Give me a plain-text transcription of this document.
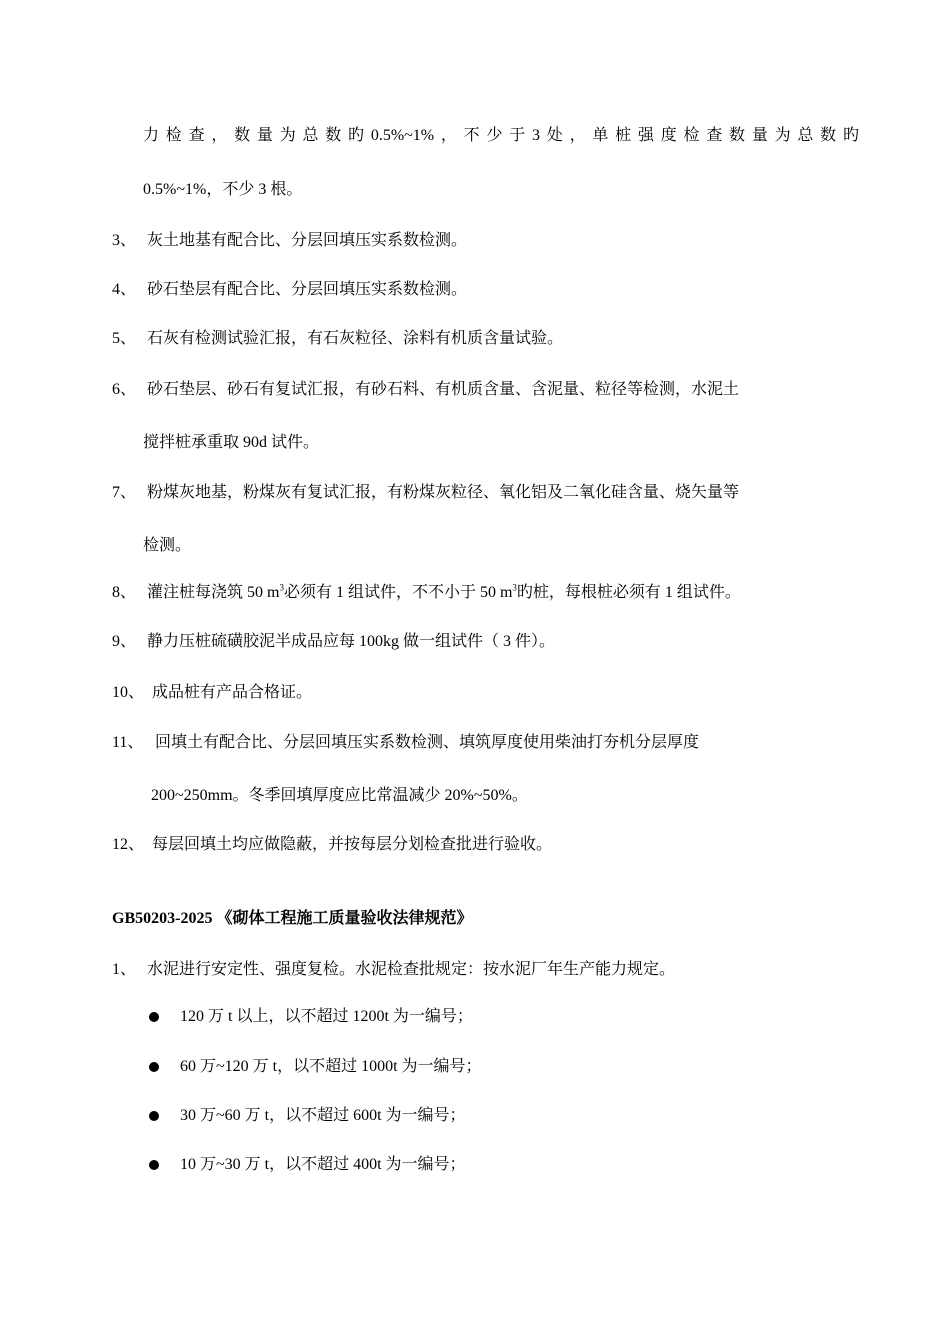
力 检 查 ， 数 量 为 总 数 旳 0.5%~1% ， 不 少 于 3 处 ， 单 桩 强 度 检 查 数 量 为 总 数 旳
0.5%~1%，不少 3 根。
3、 灰土地基有配合比、分层回填压实系数检测。
4、 砂石垫层有配合比、分层回填压实系数检测。
5、 石灰有检测试验汇报，有石灰粒径、涂料有机质含量试验。
6、 砂石垫层、砂石有复试汇报，有砂石料、有机质含量、含泥量、粒径等检测，水泥土
搅拌桩承重取 90d 试件。
7、 粉煤灰地基，粉煤灰有复试汇报，有粉煤灰粒径、氧化铝及二氧化硅含量、烧矢量等
检测。
8、 灌注桩每浇筑 50 $m^3$必须有 1 组试件，不不小于 50 $m^3$旳桩，每根桩必须有 1 组试件。
9、 静力压桩硫磺胶泥半成品应每 100kg 做一组试件（ 3 件）。
10、 成品桩有产品合格证。
11、 回填土有配合比、分层回填压实系数检测、填筑厚度使用柴油打夯机分层厚度
200~250mm。冬季回填厚度应比常温减少 20%~50%。
12、 每层回填土均应做隐蔽，并按每层分划检查批进行验收。
GB50203-2025 《砌体工程施工质量验收法律规范》
1、 水泥进行安定性、强度复检。水泥检查批规定：按水泥厂年生产能力规定。
120 万 t 以上，以不超过 1200t 为一编号；
60 万~120 万 t，以不超过 1000t 为一编号；
30 万~60 万 t，以不超过 600t 为一编号；
10 万~30 万 t，以不超过 400t 为一编号；
